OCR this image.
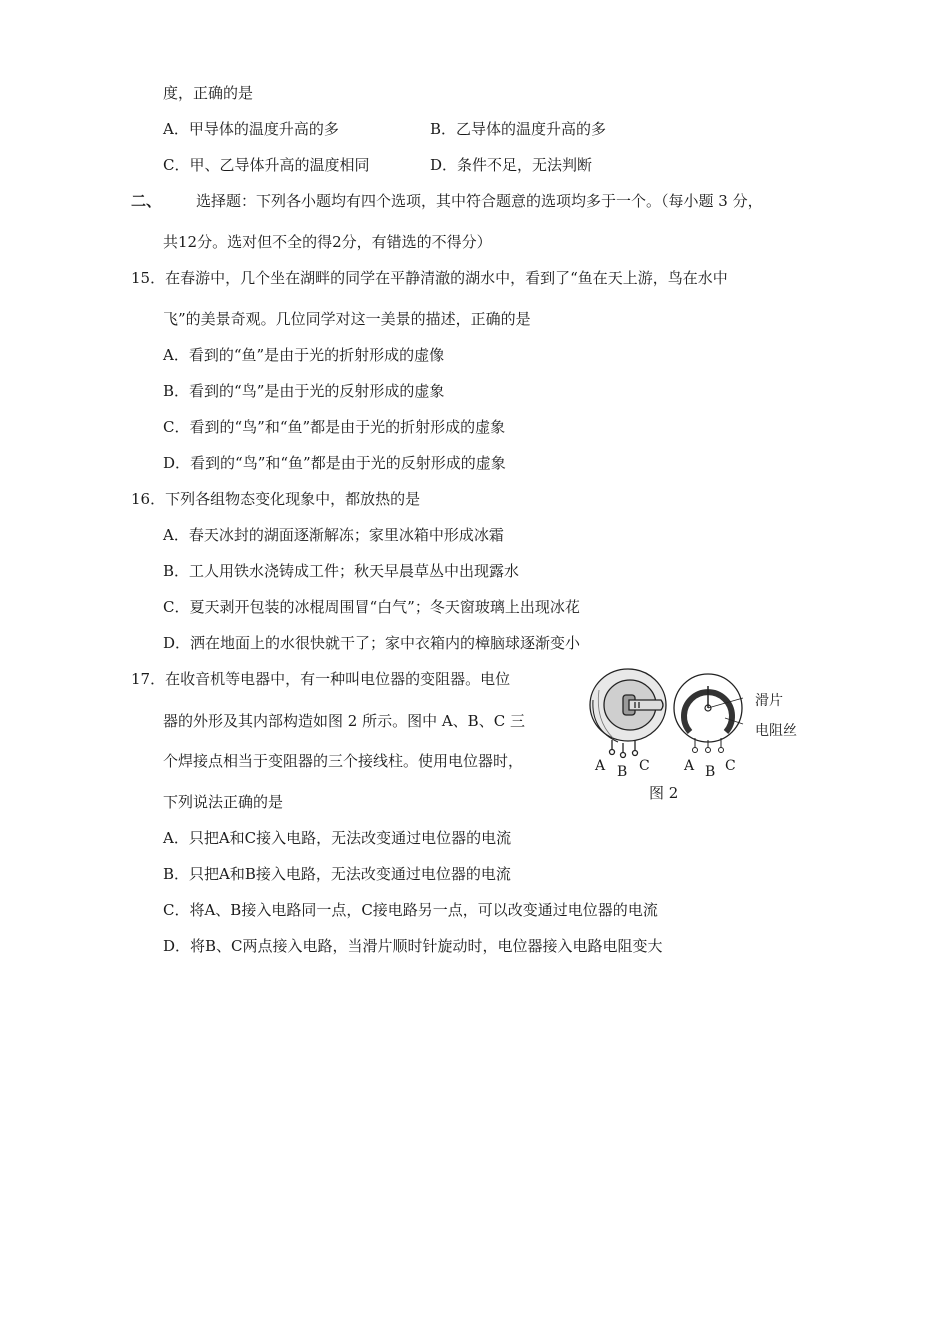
度，正确的是
A．甲导体的温度升高的多	B．乙导体的温度升高的多
C．甲、乙导体升高的温度相同	D．条件不足，无法判断
二、 选择题：下列各小题均有四个选项，其中符合题意的选项均多于一个。（每小题 3 分，
共12分。选对但不全的得2分，有错选的不得分）
15．在春游中，几个坐在湖畔的同学在平静清澈的湖水中，看到了“鱼在天上游，鸟在水中
飞”的美景奇观。几位同学对这一美景的描述，正确的是
A．看到的“鱼”是由于光的折射形成的虚像
B．看到的“鸟”是由于光的反射形成的虚象
C．看到的“鸟”和“鱼”都是由于光的折射形成的虚象
D．看到的“鸟”和“鱼”都是由于光的反射形成的虚象
16．下列各组物态变化现象中，都放热的是
A．春天冰封的湖面逐渐解冻；家里冰箱中形成冰霜
B．工人用铁水浇铸成工件；秋天早晨草丛中出现露水
C．夏天剥开包装的冰棍周围冒“白气”；冬天窗玻璃上出现冰花
D．洒在地面上的水很快就干了；家中衣箱内的樟脑球逐渐变小
17．在收音机等电器中，有一种叫电位器的变阻器。电位
器的外形及其内部构造如图 2 所示。图中 A、B、C 三
个焊接点相当于变阻器的三个接线柱。使用电位器时，
下列说法正确的是
A．只把A和C接入电路，无法改变通过电位器的电流
B．只把A和B接入电路，无法改变通过电位器的电流
C．将A、B接入电路同一点，C接电路另一点，可以改变通过电位器的电流
D．将B、C两点接入电路，当滑片顺时针旋动时，电位器接入电路电阻变大
滑片
电阻丝
A B C A B C
图 2
